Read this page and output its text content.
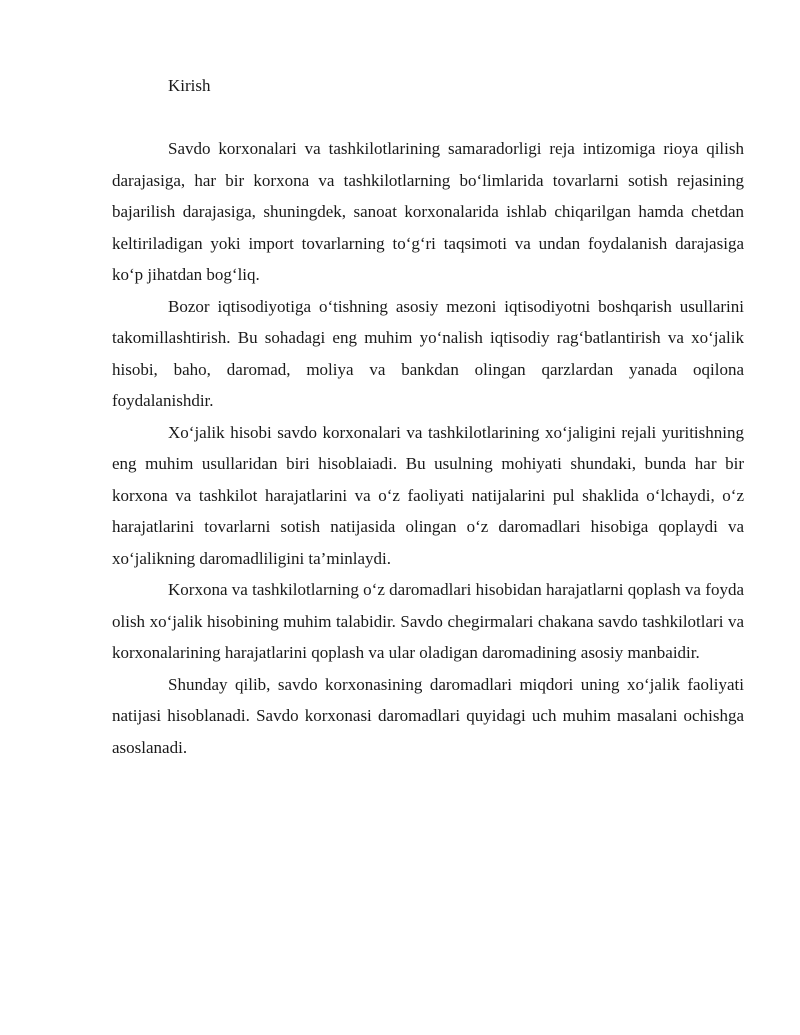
Kirish

Savdo korxonalari va tashkilotlarining samaradorligi reja intizomiga rioya qilish darajasiga, har bir korxona va tashkilotlarning bo‘limlarida tovarlarni sotish rejasining bajarilish darajasiga, shuningdek, sanoat korxonalarida ishlab chiqarilgan hamda chetdan keltiriladigan yoki import tovarlarning to‘g‘ri taqsimoti va undan foydalanish darajasiga ko‘p jihatdan bog‘liq.

Bozor iqtisodiyotiga o‘tishning asosiy mezoni iqtisodiyotni boshqarish usullarini takomillashtirish. Bu sohadagi eng muhim yo‘nalish iqtisodiy rag‘batlantirish va xo‘jalik hisobi, baho, daromad, moliya va bankdan olingan qarzlardan yanada oqilona foydalanishdir.

Xo‘jalik hisobi savdo korxonalari va tashkilotlarining xo‘jaligini rejali yuritishning eng muhim usullaridan biri hisoblaiadi. Bu usulning mohiyati shundaki, bunda har bir korxona va tashkilot harajatlarini va o‘z faoliyati natijalarini pul shaklida o‘lchaydi, o‘z harajatlarini tovarlarni sotish natijasida olingan o‘z daromadlari hisobiga qoplaydi va xo‘jalikning daromadliligini ta’minlaydi.

Korxona va tashkilotlarning o‘z daromadlari hisobidan harajatlarni qoplash va foyda olish xo‘jalik hisobining muhim talabidir. Savdo chegirmalari chakana savdo tashkilotlari va korxonalarining harajatlarini qoplash va ular oladigan daromadining asosiy manbaidir.

Shunday qilib, savdo korxonasining daromadlari miqdori uning xo‘jalik faoliyati natijasi hisoblanadi. Savdo korxonasi daromadlari quyidagi uch muhim masalani ochishga asoslanadi.
